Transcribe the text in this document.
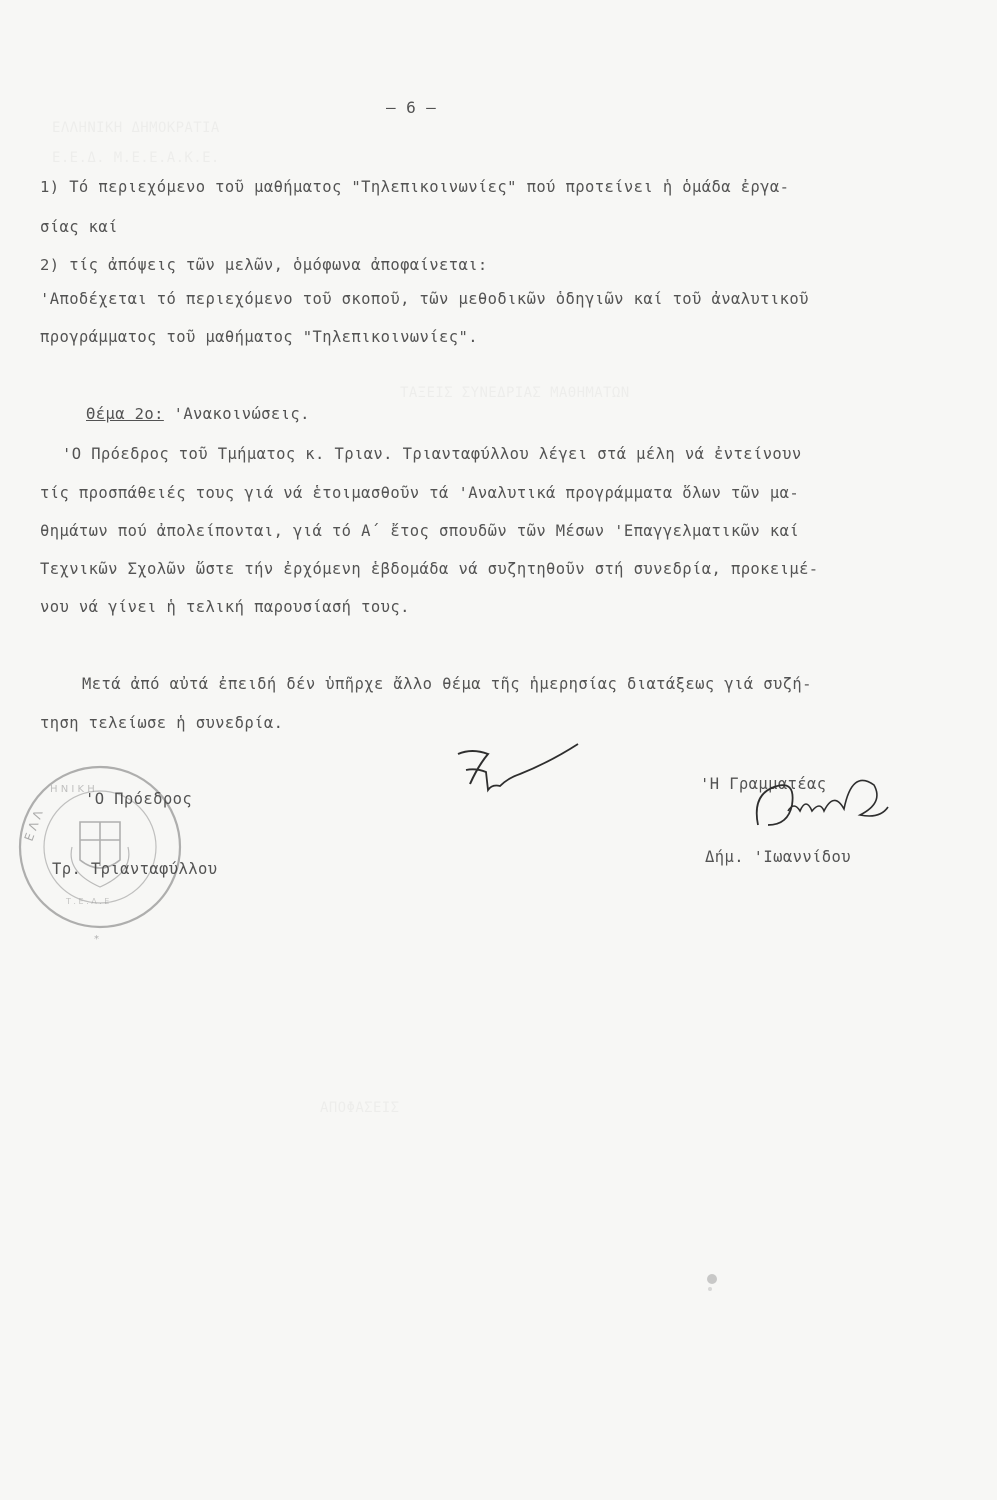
ΕΛΛΗΝΙΚΗ ΔΗΜΟΚΡΑΤΙΑ
Ε.Ε.Δ. Μ.Ε.Ε.Α.Κ.Ε.
ΤΑΞΕΙΣ ΣΥΝΕΔΡΙΑΣ ΜΑΘΗΜΑΤΩΝ
ΑΠΟΦΑΣΕΙΣ
— 6 —
1) Τό περιεχόμενο τοῦ μαθήματος "Τηλεπικοινωνίες" πού προτείνει ἡ ὁμάδα ἐργα-
σίας καί
2) τίς ἀπόψεις τῶν μελῶν, ὁμόφωνα ἀποφαίνεται:
'Αποδέχεται τό περιεχόμενο τοῦ σκοποῦ, τῶν μεθοδικῶν ὁδηγιῶν καί τοῦ ἀναλυτικοῦ
προγράμματος τοῦ μαθήματος "Τηλεπικοινωνίες".
Θέμα 2ο: 'Ανακοινώσεις.
'Ο Πρόεδρος τοῦ Τμήματος κ. Τριαν. Τριανταφύλλου λέγει στά μέλη νά ἐντείνουν
τίς προσπάθειές τους γιά νά ἑτοιμασθοῦν τά 'Αναλυτικά προγράμματα ὅλων τῶν μα-
θημάτων πού ἀπολείπονται, γιά τό Α΄ ἔτος σπουδῶν τῶν Μέσων 'Επαγγελματικῶν καί
Τεχνικῶν Σχολῶν ὥστε τήν ἐρχόμενη ἑβδομάδα νά συζητηθοῦν στή συνεδρία, προκειμέ-
νου νά γίνει ἡ τελική παρουσίασή τους.
Μετά ἀπό αὐτά ἐπειδή δέν ὑπῆρχε ἄλλο θέμα τῆς ἡμερησίας διατάξεως γιά συζή-
τηση τελείωσε ἡ συνεδρία.
Ε Λ Λ
Η Ν Ι Κ Η
Τ . Ε . Λ . Ε
*
'Ο Πρόεδρος
Τρ. Τριανταφύλλου
'Η Γραμματέας
Δήμ. 'Ιωαννίδου
